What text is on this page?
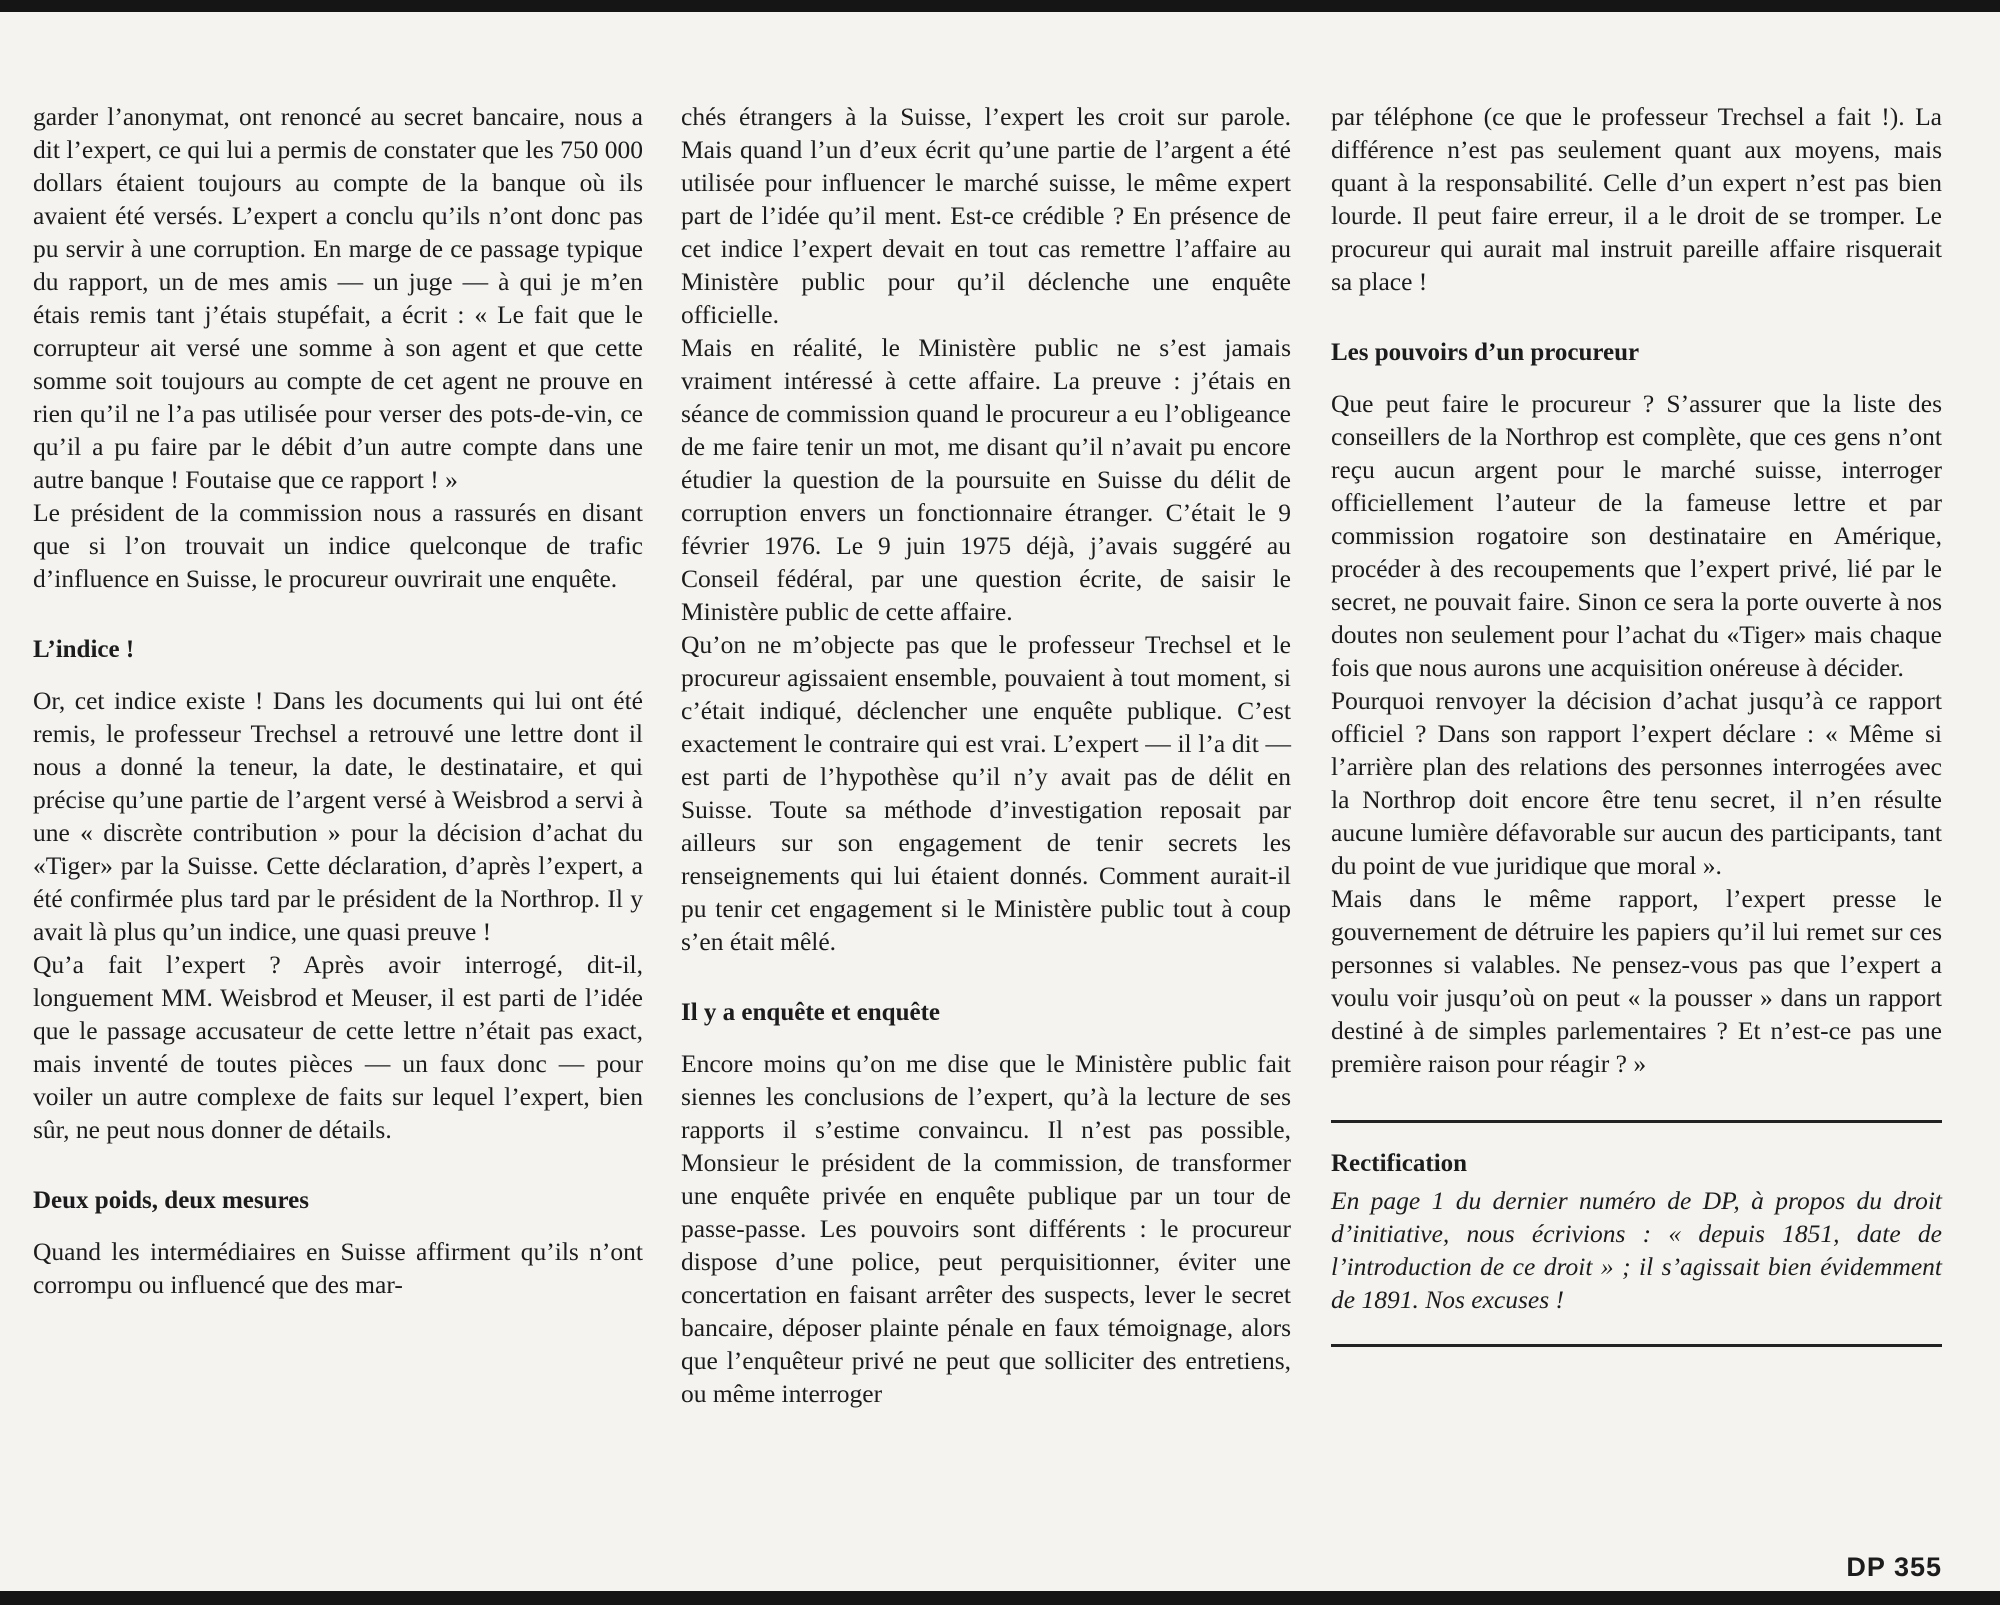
garder l’anonymat, ont renoncé au secret bancaire, nous a dit l’expert, ce qui lui a permis de constater que les 750 000 dollars étaient toujours au compte de la banque où ils avaient été versés. L’expert a conclu qu’ils n’ont donc pas pu servir à une corruption. En marge de ce passage typique du rapport, un de mes amis — un juge — à qui je m’en étais remis tant j’étais stupéfait, a écrit : « Le fait que le corrupteur ait versé une somme à son agent et que cette somme soit toujours au compte de cet agent ne prouve en rien qu’il ne l’a pas utilisée pour verser des pots-de-vin, ce qu’il a pu faire par le débit d’un autre compte dans une autre banque ! Foutaise que ce rapport ! »

Le président de la commission nous a rassurés en disant que si l’on trouvait un indice quelconque de trafic d’influence en Suisse, le procureur ouvrirait une enquête.

L’indice !

Or, cet indice existe ! Dans les documents qui lui ont été remis, le professeur Trechsel a retrouvé une lettre dont il nous a donné la teneur, la date, le destinataire, et qui précise qu’une partie de l’argent versé à Weisbrod a servi à une « discrète contribution » pour la décision d’achat du «Tiger» par la Suisse. Cette déclaration, d’après l’expert, a été confirmée plus tard par le président de la Northrop. Il y avait là plus qu’un indice, une quasi preuve !

Qu’a fait l’expert ? Après avoir interrogé, dit-il, longuement MM. Weisbrod et Meuser, il est parti de l’idée que le passage accusateur de cette lettre n’était pas exact, mais inventé de toutes pièces — un faux donc — pour voiler un autre complexe de faits sur lequel l’expert, bien sûr, ne peut nous donner de détails.

Deux poids, deux mesures

Quand les intermédiaires en Suisse affirment qu’ils n’ont corrompu ou influencé que des mar-

chés étrangers à la Suisse, l’expert les croit sur parole. Mais quand l’un d’eux écrit qu’une partie de l’argent a été utilisée pour influencer le marché suisse, le même expert part de l’idée qu’il ment. Est-ce crédible ? En présence de cet indice l’expert devait en tout cas remettre l’affaire au Ministère public pour qu’il déclenche une enquête officielle.

Mais en réalité, le Ministère public ne s’est jamais vraiment intéressé à cette affaire. La preuve : j’étais en séance de commission quand le procureur a eu l’obligeance de me faire tenir un mot, me disant qu’il n’avait pu encore étudier la question de la poursuite en Suisse du délit de corruption envers un fonctionnaire étranger. C’était le 9 février 1976. Le 9 juin 1975 déjà, j’avais suggéré au Conseil fédéral, par une question écrite, de saisir le Ministère public de cette affaire.

Qu’on ne m’objecte pas que le professeur Trechsel et le procureur agissaient ensemble, pouvaient à tout moment, si c’était indiqué, déclencher une enquête publique. C’est exactement le contraire qui est vrai. L’expert — il l’a dit — est parti de l’hypothèse qu’il n’y avait pas de délit en Suisse. Toute sa méthode d’investigation reposait par ailleurs sur son engagement de tenir secrets les renseignements qui lui étaient donnés. Comment aurait-il pu tenir cet engagement si le Ministère public tout à coup s’en était mêlé.

Il y a enquête et enquête

Encore moins qu’on me dise que le Ministère public fait siennes les conclusions de l’expert, qu’à la lecture de ses rapports il s’estime convaincu. Il n’est pas possible, Monsieur le président de la commission, de transformer une enquête privée en enquête publique par un tour de passe-passe. Les pouvoirs sont différents : le procureur dispose d’une police, peut perquisitionner, éviter une concertation en faisant arrêter des suspects, lever le secret bancaire, déposer plainte pénale en faux témoignage, alors que l’enquêteur privé ne peut que solliciter des entretiens, ou même interroger

par téléphone (ce que le professeur Trechsel a fait !). La différence n’est pas seulement quant aux moyens, mais quant à la responsabilité. Celle d’un expert n’est pas bien lourde. Il peut faire erreur, il a le droit de se tromper. Le procureur qui aurait mal instruit pareille affaire risquerait sa place !

Les pouvoirs d’un procureur

Que peut faire le procureur ? S’assurer que la liste des conseillers de la Northrop est complète, que ces gens n’ont reçu aucun argent pour le marché suisse, interroger officiellement l’auteur de la fameuse lettre et par commission rogatoire son destinataire en Amérique, procéder à des recoupements que l’expert privé, lié par le secret, ne pouvait faire. Sinon ce sera la porte ouverte à nos doutes non seulement pour l’achat du «Tiger» mais chaque fois que nous aurons une acquisition onéreuse à décider.

Pourquoi renvoyer la décision d’achat jusqu’à ce rapport officiel ? Dans son rapport l’expert déclare : « Même si l’arrière plan des relations des personnes interrogées avec la Northrop doit encore être tenu secret, il n’en résulte aucune lumière défavorable sur aucun des participants, tant du point de vue juridique que moral ».

Mais dans le même rapport, l’expert presse le gouvernement de détruire les papiers qu’il lui remet sur ces personnes si valables. Ne pensez-vous pas que l’expert a voulu voir jusqu’où on peut « la pousser » dans un rapport destiné à de simples parlementaires ? Et n’est-ce pas une première raison pour réagir ? »

Rectification

En page 1 du dernier numéro de DP, à propos du droit d’initiative, nous écrivions : « depuis 1851, date de l’introduction de ce droit » ; il s’agissait bien évidemment de 1891. Nos excuses !

DP 355
